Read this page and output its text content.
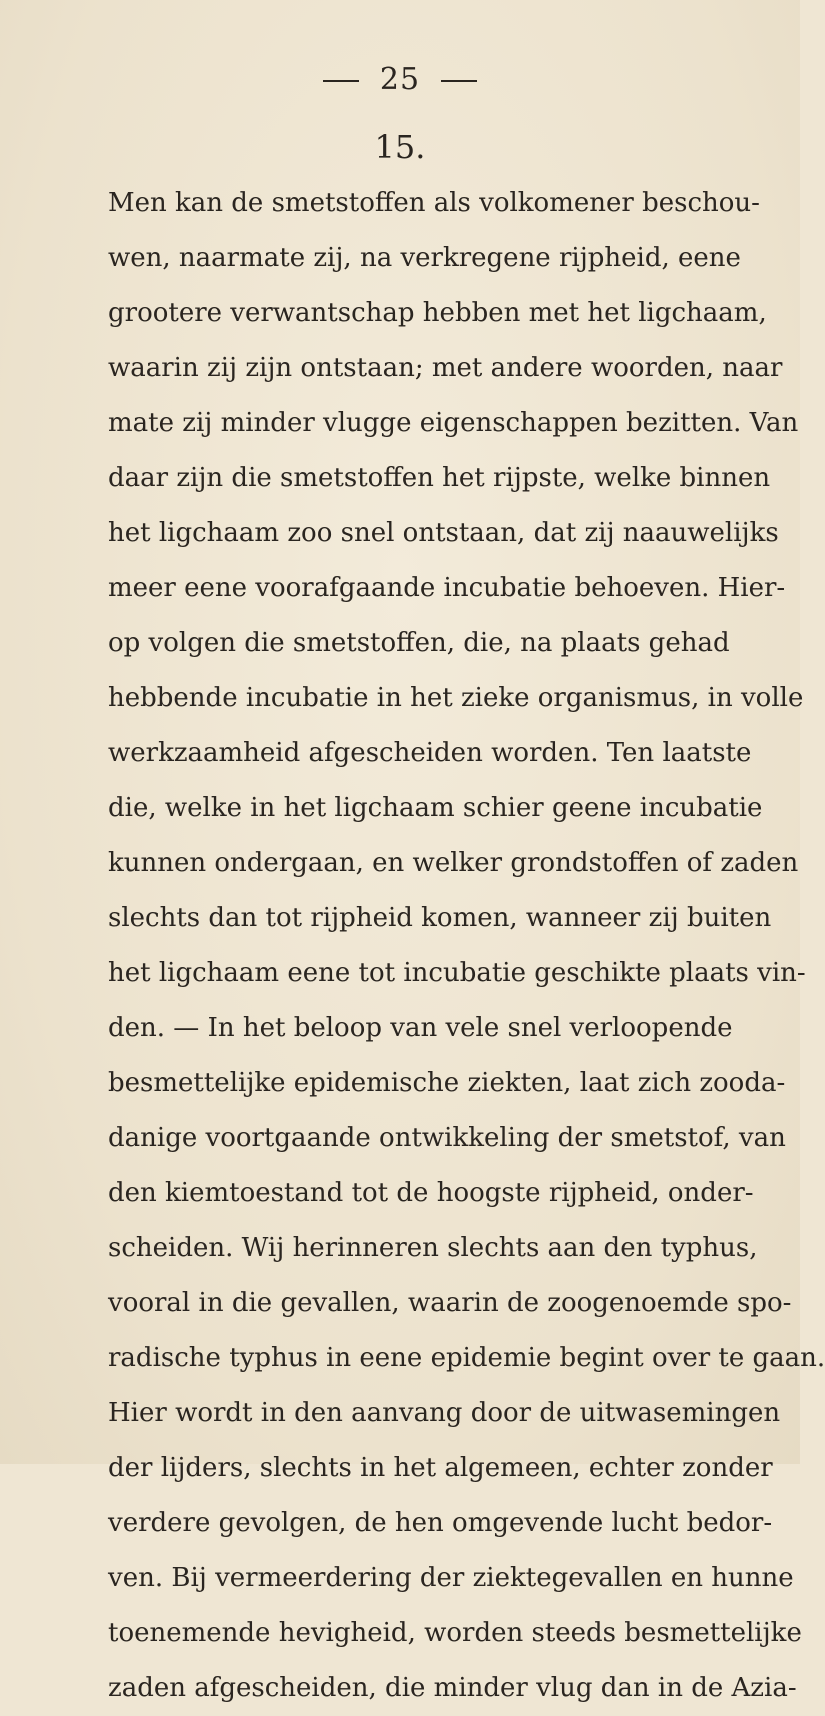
25
15.
Men kan de smetstoffen als volkomener beschou-
wen, naarmate zij, na verkregene rijpheid, eene
grootere verwantschap hebben met het ligchaam,
waarin zij zijn ontstaan; met andere woorden, naar
mate zij minder vlugge eigenschappen bezitten. Van
daar zijn die smetstoffen het rijpste, welke binnen
het ligchaam zoo snel ontstaan, dat zij naauwelijks
meer eene voorafgaande incubatie behoeven. Hier-
op volgen die smetstoffen, die, na plaats gehad
hebbende incubatie in het zieke organismus, in volle
werkzaamheid afgescheiden worden. Ten laatste
die, welke in het ligchaam schier geene incubatie
kunnen ondergaan, en welker grondstoffen of zaden
slechts dan tot rijpheid komen, wanneer zij buiten
het ligchaam eene tot incubatie geschikte plaats vin-
den. — In het beloop van vele snel verloopende
besmettelijke epidemische ziekten, laat zich zooda-
danige voortgaande ontwikkeling der smetstof, van
den kiemtoestand tot de hoogste rijpheid, onder-
scheiden. Wij herinneren slechts aan den typhus,
vooral in die gevallen, waarin de zoogenoemde spo-
radische typhus in eene epidemie begint over te gaan.
Hier wordt in den aanvang door de uitwasemingen
der lijders, slechts in het algemeen, echter zonder
verdere gevolgen, de hen omgevende lucht bedor-
ven. Bij vermeerdering der ziektegevallen en hunne
toenemende hevigheid, worden steeds besmettelijke
zaden afgescheiden, die minder vlug dan in de Azia-
